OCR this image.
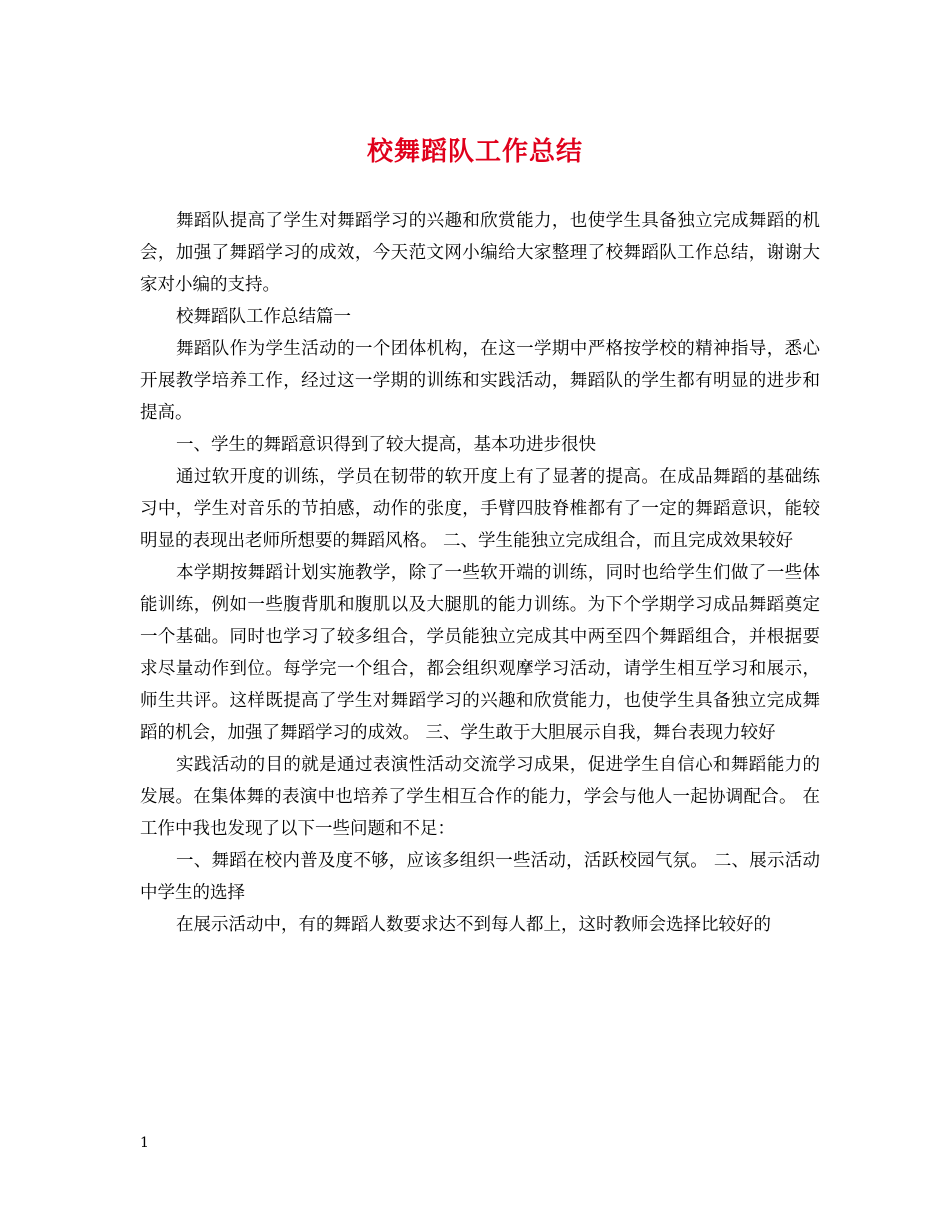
校舞蹈队工作总结

舞蹈队提高了学生对舞蹈学习的兴趣和欣赏能力，也使学生具备独立完成舞蹈的机会，加强了舞蹈学习的成效，今天范文网小编给大家整理了校舞蹈队工作总结，谢谢大家对小编的支持。

校舞蹈队工作总结篇一

舞蹈队作为学生活动的一个团体机构，在这一学期中严格按学校的精神指导，悉心开展教学培养工作，经过这一学期的训练和实践活动，舞蹈队的学生都有明显的进步和提高。

一、学生的舞蹈意识得到了较大提高，基本功进步很快

通过软开度的训练，学员在韧带的软开度上有了显著的提高。在成品舞蹈的基础练习中，学生对音乐的节拍感，动作的张度，手臂四肢脊椎都有了一定的舞蹈意识，能较明显的表现出老师所想要的舞蹈风格。 二、学生能独立完成组合，而且完成效果较好

本学期按舞蹈计划实施教学，除了一些软开端的训练，同时也给学生们做了一些体能训练，例如一些腹背肌和腹肌以及大腿肌的能力训练。为下个学期学习成品舞蹈奠定一个基础。同时也学习了较多组合，学员能独立完成其中两至四个舞蹈组合，并根据要求尽量动作到位。每学完一个组合，都会组织观摩学习活动，请学生相互学习和展示，师生共评。这样既提高了学生对舞蹈学习的兴趣和欣赏能力，也使学生具备独立完成舞蹈的机会，加强了舞蹈学习的成效。 三、学生敢于大胆展示自我，舞台表现力较好

实践活动的目的就是通过表演性活动交流学习成果，促进学生自信心和舞蹈能力的发展。在集体舞的表演中也培养了学生相互合作的能力，学会与他人一起协调配合。 在工作中我也发现了以下一些问题和不足：

一、舞蹈在校内普及度不够，应该多组织一些活动，活跃校园气氛。 二、展示活动中学生的选择

在展示活动中，有的舞蹈人数要求达不到每人都上，这时教师会选择比较好的

1
